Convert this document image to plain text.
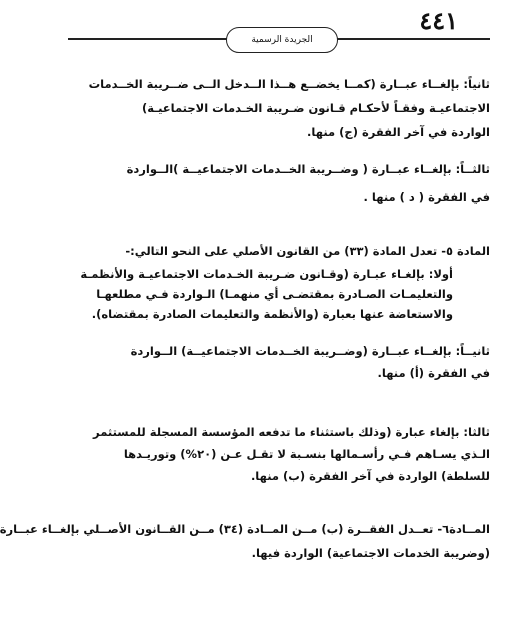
٤٤١
الجريدة الرسمية

ثانياً: بإلغــاء عبــارة (كمــا يخضــع هــذا الــدخل الــى ضــريبة الخــدمات
الاجتماعيـة وفقـاً لأحكـام قـانون ضـريبة الخـدمات الاجتماعيـة)
الواردة في آخر الفقرة (ج) منها.

ثالثــاً: بإلغــاء عبــارة ( وضــريبة الخــدمات الاجتماعيــة )الــواردة
في الفقرة ( د ) منها .

المادة ٥- تعدل المادة (٣٣) من القانون الأصلي على النحو التالي:-

أولا: بإلغـاء عبـارة (وقـانون ضـريبة الخـدمات الاجتماعيـة والأنظمـة
والتعليمـات الصـادرة بمقتضـى أي منهمـا) الـواردة فـي مطلعهـا
والاستعاضة عنها بعبارة (والأنظمة والتعليمات الصادرة بمقتضاه).

ثانيــاً: بإلغــاء عبــارة (وضــريبة الخــدمات الاجتماعيــة) الــواردة
في الفقرة (أ) منها.

ثالثا: بإلغاء عبارة (وذلك باستثناء ما تدفعه المؤسسة المسجلة للمستثمر
الـذي يسـاهم فـي رأسـمالها بنسـبة لا تقـل عـن (٢٠%) وتوريـدها
للسلطة) الواردة في آخر الفقرة (ب) منها.

المــادة٦- تعــدل الفقــرة (ب) مــن المــادة (٣٤) مــن القــانون الأصــلي بإلغــاء عبــارة
(وضريبة الخدمات الاجتماعية) الواردة فيها.
